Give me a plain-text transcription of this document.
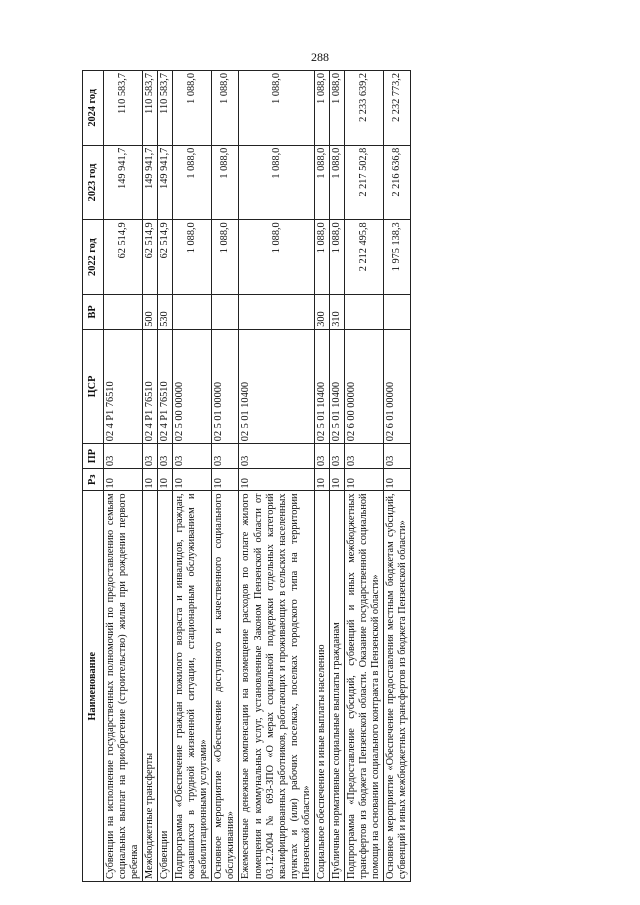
288
Наименование	Рз	ПР	ЦСР	ВР	2022 год	2023 год	2024 год
Субвенции на исполнение государственных полномочий по предоставлению семьям социальных выплат на приобретение (строительство) жилья при рождении первого ребенка	10	03	02 4 P1 76510		62 514,9	149 941,7	110 583,7
Межбюджетные трансферты	10	03	02 4 P1 76510	500	62 514,9	149 941,7	110 583,7
Субвенции	10	03	02 4 P1 76510	530	62 514,9	149 941,7	110 583,7
Подпрограмма «Обеспечение граждан пожилого возраста и инвалидов, граждан, оказавшихся в трудной жизненной ситуации, стационарным обслуживанием и реабилитационными услугами»	10	03	02 5 00 00000		1 088,0	1 088,0	1 088,0
Основное мероприятие «Обеспечение доступного и качественного социального обслуживания»	10	03	02 5 01 00000		1 088,0	1 088,0	1 088,0
Ежемесячные денежные компенсации на возмещение расходов по оплате жилого помещения и коммунальных услуг, установленные Законом Пензенской области от 03.12.2004 № 693-ЗПО «О мерах социальной поддержки отдельных категорий квалифицированных работников, работающих и проживающих в сельских населенных пунктах и (или) рабочих поселках, поселках городского типа на территории Пензенской области»	10	03	02 5 01 10400		1 088,0	1 088,0	1 088,0
Социальное обеспечение и иные выплаты населению	10	03	02 5 01 10400	300	1 088,0	1 088,0	1 088,0
Публичные нормативные социальные выплаты гражданам	10	03	02 5 01 10400	310	1 088,0	1 088,0	1 088,0
Подпрограмма «Предоставление субсидий, субвенций и иных межбюджетных трансфертов из бюджета Пензенской области. Оказание государственной социальной помощи на основании социального контракта в Пензенской области»	10	03	02 6 00 00000		2 212 495,8	2 217 502,8	2 233 639,2
Основное мероприятие «Обеспечение предоставления местным бюджетам субсидий, субвенций и иных межбюджетных трансфертов из бюджета Пензенской области»	10	03	02 6 01 00000		1 975 138,3	2 216 636,8	2 232 773,2
